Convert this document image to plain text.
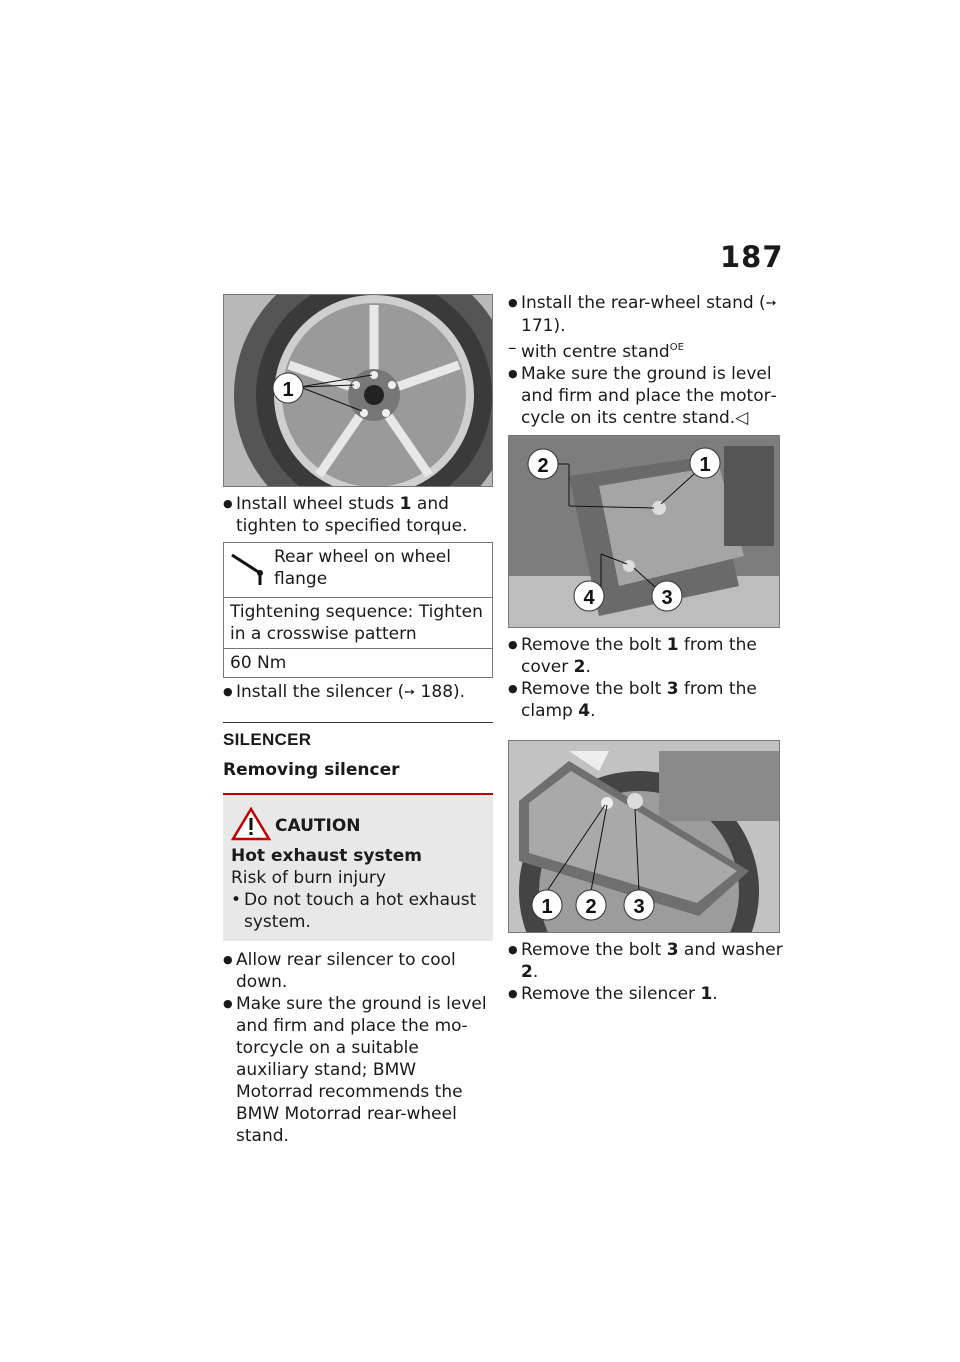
187
1

● Install wheel studs 1 and tighten to specified torque.

Rear wheel on wheel flange
Tightening sequence: Tighten in a crosswise pattern
60 Nm

● Install the silencer (➙ 188).

SILENCER
Removing silencer
CAUTION
Hot exhaust system
Risk of burn injury

• Do not touch a hot exhaust system.

● Allow rear silencer to cool down.

● Make sure the ground is level and firm and place the motorcycle on a suitable auxiliary stand; BMW Motorrad recommends the BMW Motorrad rear-wheel stand.

● Install the rear-wheel stand (➙ 171).

– with centre stand$^{OE}$

● Make sure the ground is level and firm and place the motorcycle on its centre stand.◁

2	1
4	3

● Remove the bolt 1 from the cover 2.

● Remove the bolt 3 from the clamp 4.

1 2 3

● Remove the bolt 3 and washer 2.

● Remove the silencer 1.
